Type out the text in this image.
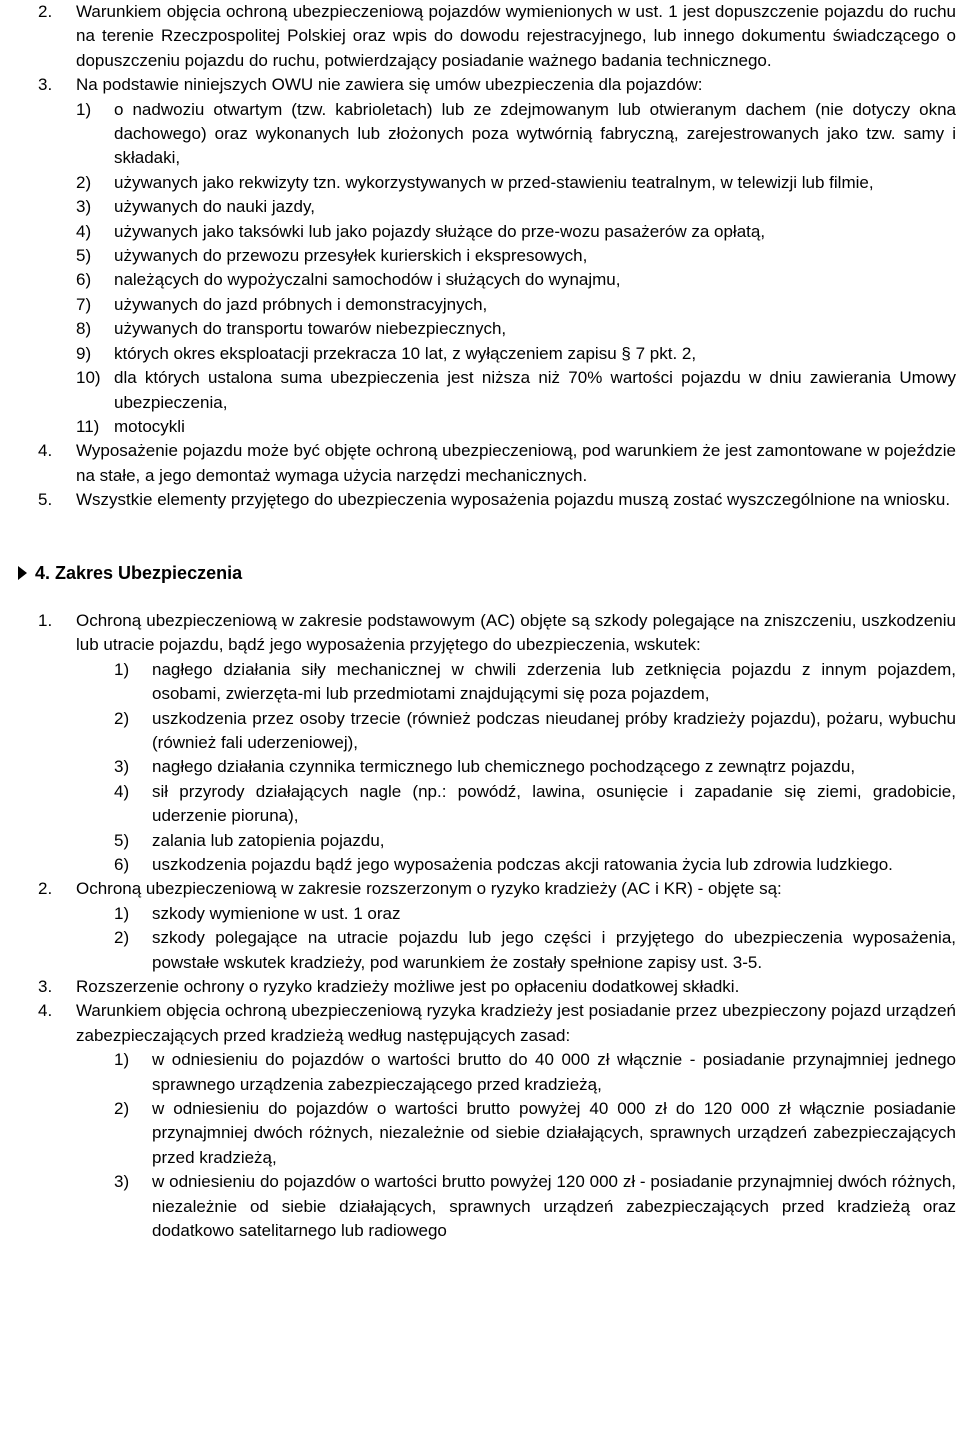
2. Warunkiem objęcia ochroną ubezpieczeniową pojazdów wymienionych w ust. 1 jest dopuszczenie pojazdu do ruchu na terenie Rzeczpospolitej Polskiej oraz wpis do dowodu rejestracyjnego, lub innego dokumentu świadczącego o dopuszczeniu pojazdu do ruchu, potwierdzający posiadanie ważnego badania technicznego.
3. Na podstawie niniejszych OWU nie zawiera się umów ubezpieczenia dla pojazdów:
1) o nadwoziu otwartym (tzw. kabrioletach) lub ze zdejmowanym lub otwieranym dachem (nie dotyczy okna dachowego) oraz wykonanych lub złożonych poza wytwórnią fabryczną, zarejestrowanych jako tzw. samy i składaki,
2) używanych jako rekwizyty tzn. wykorzystywanych w przed-stawieniu teatralnym, w telewizji lub filmie,
3) używanych do nauki jazdy,
4) używanych jako taksówki lub jako pojazdy służące do prze-wozu pasażerów za opłatą,
5) używanych do przewozu przesyłek kurierskich i ekspresowych,
6) należących do wypożyczalni samochodów i służących do wynajmu,
7) używanych do jazd próbnych i demonstracyjnych,
8) używanych do transportu towarów niebezpiecznych,
9) których okres eksploatacji przekracza 10 lat, z wyłączeniem zapisu § 7 pkt. 2,
10) dla których ustalona suma ubezpieczenia jest niższa niż 70% wartości pojazdu w dniu zawierania Umowy ubezpieczenia,
11) motocykli
4. Wyposażenie pojazdu może być objęte ochroną ubezpieczeniową, pod warunkiem że jest zamontowane w pojeździe na stałe, a jego demontaż wymaga użycia narzędzi mechanicznych.
5. Wszystkie elementy przyjętego do ubezpieczenia wyposażenia pojazdu muszą zostać wyszczególnione na wniosku.
4. Zakres Ubezpieczenia
1. Ochroną ubezpieczeniową w zakresie podstawowym (AC) objęte są szkody polegające na zniszczeniu, uszkodzeniu lub utracie pojazdu, bądź jego wyposażenia przyjętego do ubezpieczenia, wskutek:
1) nagłego działania siły mechanicznej w chwili zderzenia lub zetknięcia pojazdu z innym pojazdem, osobami, zwierzęta-mi lub przedmiotami znajdującymi się poza pojazdem,
2) uszkodzenia przez osoby trzecie (również podczas nieudanej próby kradzieży pojazdu), pożaru, wybuchu (również fali uderzeniowej),
3) nagłego działania czynnika termicznego lub chemicznego pochodzącego z zewnątrz pojazdu,
4) sił przyrody działających nagle (np.: powódź, lawina, osunięcie i zapadanie się ziemi, gradobicie, uderzenie pioruna),
5) zalania lub zatopienia pojazdu,
6) uszkodzenia pojazdu bądź jego wyposażenia podczas akcji ratowania życia lub zdrowia ludzkiego.
2. Ochroną ubezpieczeniową w zakresie rozszerzonym o ryzyko kradzieży (AC i KR) - objęte są:
1) szkody wymienione w ust. 1 oraz
2) szkody polegające na utracie pojazdu lub jego części i przyjętego do ubezpieczenia wyposażenia, powstałe wskutek kradzieży, pod warunkiem że zostały spełnione zapisy ust. 3-5.
3. Rozszerzenie ochrony o ryzyko kradzieży możliwe jest po opłaceniu dodatkowej składki.
4. Warunkiem objęcia ochroną ubezpieczeniową ryzyka kradzieży jest posiadanie przez ubezpieczony pojazd urządzeń zabezpieczających przed kradzieżą według następujących zasad:
1) w odniesieniu do pojazdów o wartości brutto do 40 000 zł włącznie - posiadanie przynajmniej jednego sprawnego urządzenia zabezpieczającego przed kradzieżą,
2) w odniesieniu do pojazdów o wartości brutto powyżej 40 000 zł do 120 000 zł włącznie posiadanie przynajmniej dwóch różnych, niezależnie od siebie działających, sprawnych urządzeń zabezpieczających przed kradzieżą,
3) w odniesieniu do pojazdów o wartości brutto powyżej 120 000 zł - posiadanie przynajmniej dwóch różnych, niezależnie od siebie działających, sprawnych urządzeń zabezpieczających przed kradzieżą oraz dodatkowo satelitarnego lub radiowego
